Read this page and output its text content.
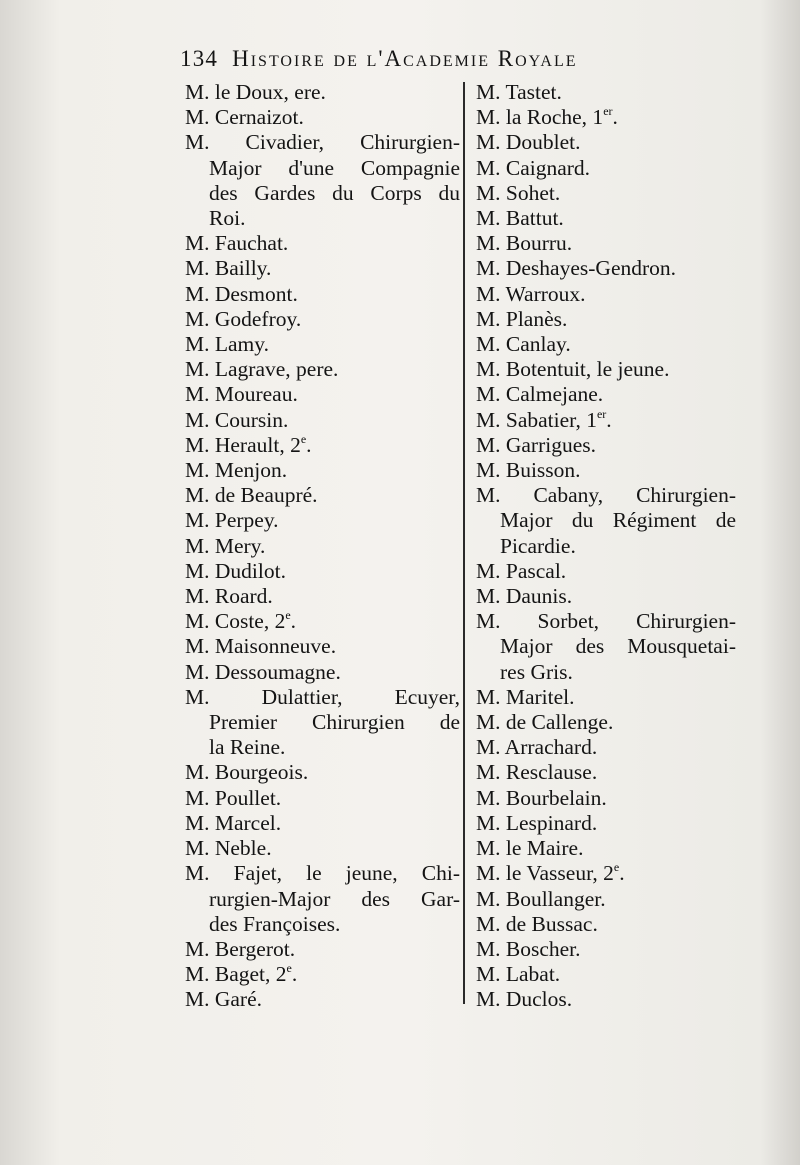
134 Histoire de l'Academie Royale
M. le Doux, ere.
M. Cernaizot.
M. Civadier, Chirurgien-
Major d'une Compagnie
des Gardes du Corps du
Roi.
M. Fauchat.
M. Bailly.
M. Desmont.
M. Godefroy.
M. Lamy.
M. Lagrave, pere.
M. Moureau.
M. Coursin.
M. Herault, 2e.
M. Menjon.
M. de Beaupré.
M. Perpey.
M. Mery.
M. Dudilot.
M. Roard.
M. Coste, 2e.
M. Maisonneuve.
M. Dessoumagne.
M. Dulattier, Ecuyer,
Premier Chirurgien de
la Reine.
M. Bourgeois.
M. Poullet.
M. Marcel.
M. Neble.
M. Fajet, le jeune, Chi-
rurgien-Major des Gar-
des Françoises.
M. Bergerot.
M. Baget, 2e.
M. Garé.
M. Tastet.
M. la Roche, 1er.
M. Doublet.
M. Caignard.
M. Sohet.
M. Battut.
M. Bourru.
M. Deshayes-Gendron.
M. Warroux.
M. Planès.
M. Canlay.
M. Botentuit, le jeune.
M. Calmejane.
M. Sabatier, 1er.
M. Garrigues.
M. Buisson.
M. Cabany, Chirurgien-
Major du Régiment de
Picardie.
M. Pascal.
M. Daunis.
M. Sorbet, Chirurgien-
Major des Mousquetai-
res Gris.
M. Maritel.
M. de Callenge.
M. Arrachard.
M. Resclause.
M. Bourbelain.
M. Lespinard.
M. le Maire.
M. le Vasseur, 2e.
M. Boullanger.
M. de Bussac.
M. Boscher.
M. Labat.
M. Duclos.
